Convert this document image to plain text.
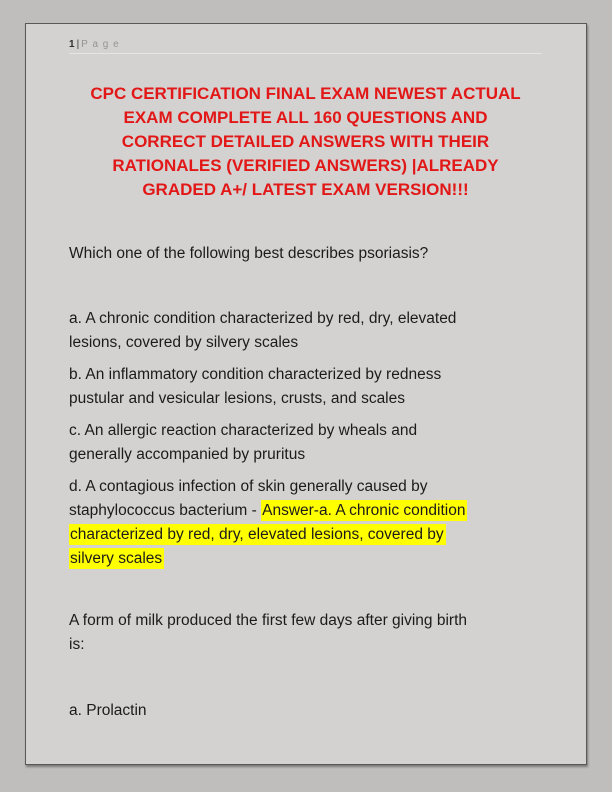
1 | P a g e
CPC CERTIFICATION FINAL EXAM NEWEST ACTUAL
EXAM COMPLETE ALL 160 QUESTIONS AND
CORRECT DETAILED ANSWERS WITH THEIR
RATIONALES (VERIFIED ANSWERS) |ALREADY
GRADED A+/ LATEST EXAM VERSION!!!
Which one of the following best describes psoriasis?
a. A chronic condition characterized by red, dry, elevated
lesions, covered by silvery scales
b. An inflammatory condition characterized by redness
pustular and vesicular lesions, crusts, and scales
c. An allergic reaction characterized by wheals and
generally accompanied by pruritus
d. A contagious infection of skin generally caused by
staphylococcus bacterium - Answer-a. A chronic condition
characterized by red, dry, elevated lesions, covered by
silvery scales
A form of milk produced the first few days after giving birth
is:
a. Prolactin
